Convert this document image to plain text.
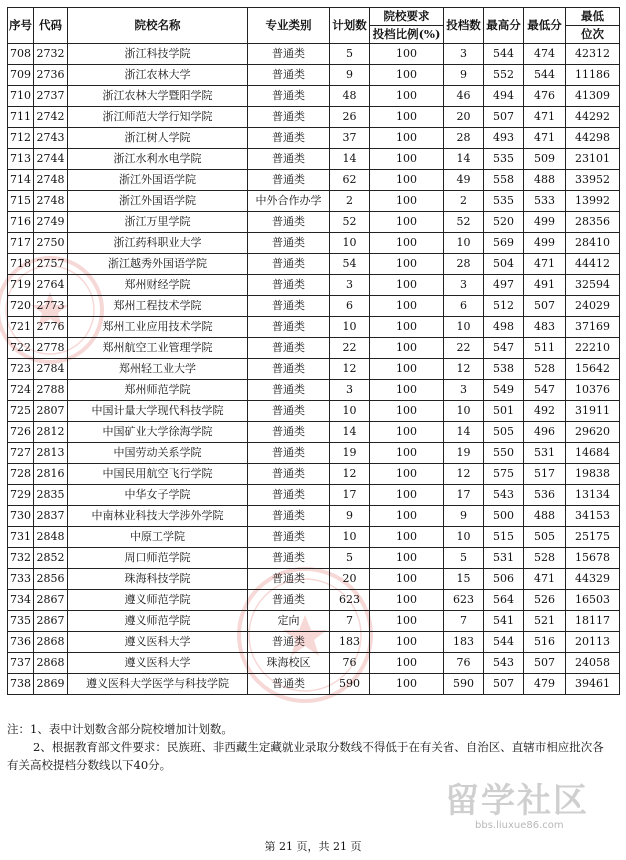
序号	代码	院校名称	专业类别	计划数	院校要求	投档数	最高分	最低分	最低
					投档比例(%)				位次
708	2732	浙江科技学院	普通类	5	100	3	544	474	42312
709	2736	浙江农林大学	普通类	9	100	9	552	544	11186
710	2737	浙江农林大学暨阳学院	普通类	48	100	46	494	476	41309
711	2742	浙江师范大学行知学院	普通类	26	100	20	507	471	44292
712	2743	浙江树人学院	普通类	37	100	28	493	471	44298
713	2744	浙江水利水电学院	普通类	14	100	14	535	509	23101
714	2748	浙江外国语学院	普通类	62	100	49	558	488	33952
715	2748	浙江外国语学院	中外合作办学	2	100	2	535	533	13992
716	2749	浙江万里学院	普通类	52	100	52	520	499	28356
717	2750	浙江药科职业大学	普通类	10	100	10	569	499	28410
718	2757	浙江越秀外国语学院	普通类	54	100	28	504	471	44412
719	2764	郑州财经学院	普通类	3	100	3	497	491	32594
720	2773	郑州工程技术学院	普通类	6	100	6	512	507	24029
721	2776	郑州工业应用技术学院	普通类	10	100	10	498	483	37169
722	2778	郑州航空工业管理学院	普通类	22	100	22	547	511	22210
723	2784	郑州轻工业大学	普通类	12	100	12	538	528	15642
724	2788	郑州师范学院	普通类	3	100	3	549	547	10376
725	2807	中国计量大学现代科技学院	普通类	10	100	10	501	492	31911
726	2812	中国矿业大学徐海学院	普通类	14	100	14	505	496	29620
727	2813	中国劳动关系学院	普通类	19	100	19	550	531	14684
728	2816	中国民用航空飞行学院	普通类	12	100	12	575	517	19838
729	2835	中华女子学院	普通类	17	100	17	543	536	13134
730	2837	中南林业科技大学涉外学院	普通类	9	100	9	500	488	34153
731	2848	中原工学院	普通类	10	100	10	515	505	25175
732	2852	周口师范学院	普通类	5	100	5	531	528	15678
733	2856	珠海科技学院	普通类	20	100	15	506	471	44329
734	2867	遵义师范学院	普通类	623	100	623	564	526	16503
735	2867	遵义师范学院	定向	7	100	7	541	521	18117
736	2868	遵义医科大学	普通类	183	100	183	544	516	20113
737	2868	遵义医科大学	珠海校区	76	100	76	543	507	24058
738	2869	遵义医科大学医学与科技学院	普通类	590	100	590	507	479	39461

注：1、表中计划数含部分院校增加计划数。

2、根据教育部文件要求：民族班、非西藏生定藏就业录取分数线不得低于在有关省、自治区、直辖市相应批次各有关高校提档分数线以下40分。

留学社区
bbs.liuxue86.com
第 21 页，共 21 页
